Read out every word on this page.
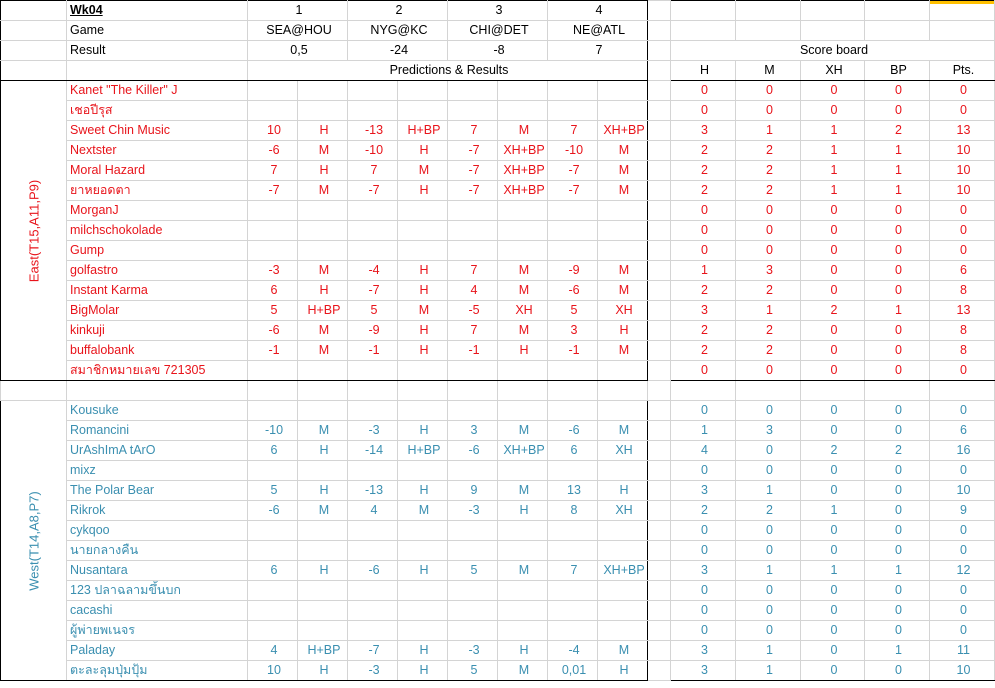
	Wk04	1		2		3		4							
	Game	SEA@HOU		NYG@KC		CHI@DET		NE@ATL							
	Result	0,5		-24		-8		7			Score board				
		Predictions & Results									H	M	XH	BP	Pts.

East(T15,A11,P9)	Kanet "The Killer" J										0	0	0	0	0
	เชอปีรุส										0	0	0	0	0
	Sweet Chin Music	10	H	-13	H+BP	7	M	7	XH+BP		3	1	1	2	13
	Nextster	-6	M	-10	H	-7	XH+BP	-10	M		2	2	1	1	10
	Moral Hazard	7	H	7	M	-7	XH+BP	-7	M		2	2	1	1	10
	ยาหยอดตา	-7	M	-7	H	-7	XH+BP	-7	M		2	2	1	1	10
	MorganJ										0	0	0	0	0
	milchschokolade										0	0	0	0	0
	Gump										0	0	0	0	0
	golfastro	-3	M	-4	H	7	M	-9	M		1	3	0	0	6
	Instant Karma	6	H	-7	H	4	M	-6	M		2	2	0	0	8
	BigMolar	5	H+BP	5	M	-5	XH	5	XH		3	1	2	1	13
	kinkuji	-6	M	-9	H	7	M	3	H		2	2	0	0	8
	buffalobank	-1	M	-1	H	-1	H	-1	M		2	2	0	0	8
	สมาชิกหมายเลข 721305										0	0	0	0	0

West(T14,A8,P7)	Kousuke										0	0	0	0	0
	Romancini	-10	M	-3	H	3	M	-6	M		1	3	0	0	6
	UrAshImA tArO	6	H	-14	H+BP	-6	XH+BP	6	XH		4	0	2	2	16
	mixz										0	0	0	0	0
	The Polar Bear	5	H	-13	H	9	M	13	H		3	1	0	0	10
	Rikrok	-6	M	4	M	-3	H	8	XH		2	2	1	0	9
	cykqoo										0	0	0	0	0
	นายกลางคืน										0	0	0	0	0
	Nusantara	6	H	-6	H	5	M	7	XH+BP		3	1	1	1	12
	123 ปลาฉลามขึ้นบก										0	0	0	0	0
	cacashi										0	0	0	0	0
	ผู้พ่ายพเนจร										0	0	0	0	0
	Paladay	4	H+BP	-7	H	-3	H	-4	M		3	1	0	1	11
	ตะละลุมปุ่มปุ้ม	10	H	-3	H	5	M	0,01	H		3	1	0	0	10
